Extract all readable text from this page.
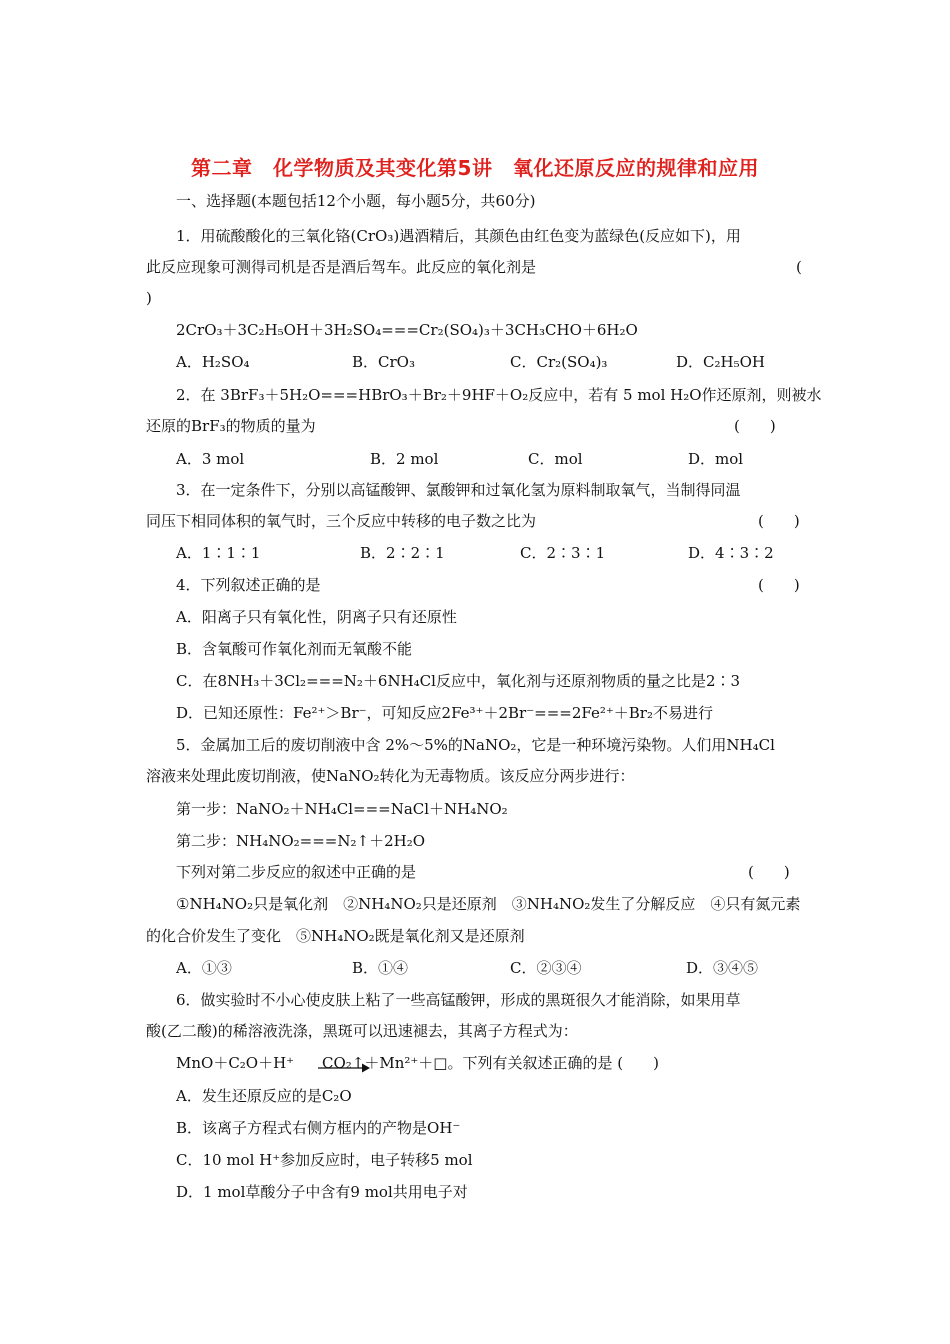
第二章　化学物质及其变化第5讲　氧化还原反应的规律和应用
一、选择题(本题包括12个小题，每小题5分，共60分)
1．用硫酸酸化的三氧化铬(CrO₃)遇酒精后，其颜色由红色变为蓝绿色(反应如下)，用
此反应现象可测得司机是否是酒后驾车。此反应的氧化剂是	(
)
2CrO₃＋3C₂H₅OH＋3H₂SO₄===Cr₂(SO₄)₃＋3CH₃CHO＋6H₂O
A．H₂SO₄	B．CrO₃	C．Cr₂(SO₄)₃	D．C₂H₅OH
2．在 3BrF₃＋5H₂O===HBrO₃＋Br₂＋9HF＋O₂反应中，若有 5 mol H₂O作还原剂，则被水
还原的BrF₃的物质的量为	(　　)
A．3 mol	B．2 mol	C．mol	D．mol
3．在一定条件下，分别以高锰酸钾、氯酸钾和过氧化氢为原料制取氧气，当制得同温
同压下相同体积的氧气时，三个反应中转移的电子数之比为	(　　)
A．1∶1∶1	B．2∶2∶1	C．2∶3∶1	D．4∶3∶2
4．下列叙述正确的是	(　　)
A．阳离子只有氧化性，阴离子只有还原性
B．含氧酸可作氧化剂而无氧酸不能
C．在8NH₃＋3Cl₂===N₂＋6NH₄Cl反应中，氧化剂与还原剂物质的量之比是2∶3
D．已知还原性：Fe²⁺＞Br⁻，可知反应2Fe³⁺＋2Br⁻===2Fe²⁺＋Br₂不易进行
5．金属加工后的废切削液中含 2%～5%的NaNO₂，它是一种环境污染物。人们用NH₄Cl
溶液来处理此废切削液，使NaNO₂转化为无毒物质。该反应分两步进行：
第一步：NaNO₂＋NH₄Cl===NaCl＋NH₄NO₂
第二步：NH₄NO₂===N₂↑＋2H₂O
下列对第二步反应的叙述中正确的是	(　　)
①NH₄NO₂只是氧化剂　②NH₄NO₂只是还原剂　③NH₄NO₂发生了分解反应　④只有氮元素
的化合价发生了变化　⑤NH₄NO₂既是氧化剂又是还原剂
A．①③	B．①④	C．②③④	D．③④⑤
6．做实验时不小心使皮肤上粘了一些高锰酸钾，形成的黑斑很久才能消除，如果用草
酸(乙二酸)的稀溶液洗涤，黑斑可以迅速褪去，其离子方程式为：
MnO＋C₂O＋H⁺ →
CO₂↑＋Mn²⁺＋□。下列有关叙述正确的是 (　　)
A．发生还原反应的是C₂O
B．该离子方程式右侧方框内的产物是OH⁻
C．10 mol H⁺参加反应时，电子转移5 mol
D．1 mol草酸分子中含有9 mol共用电子对
